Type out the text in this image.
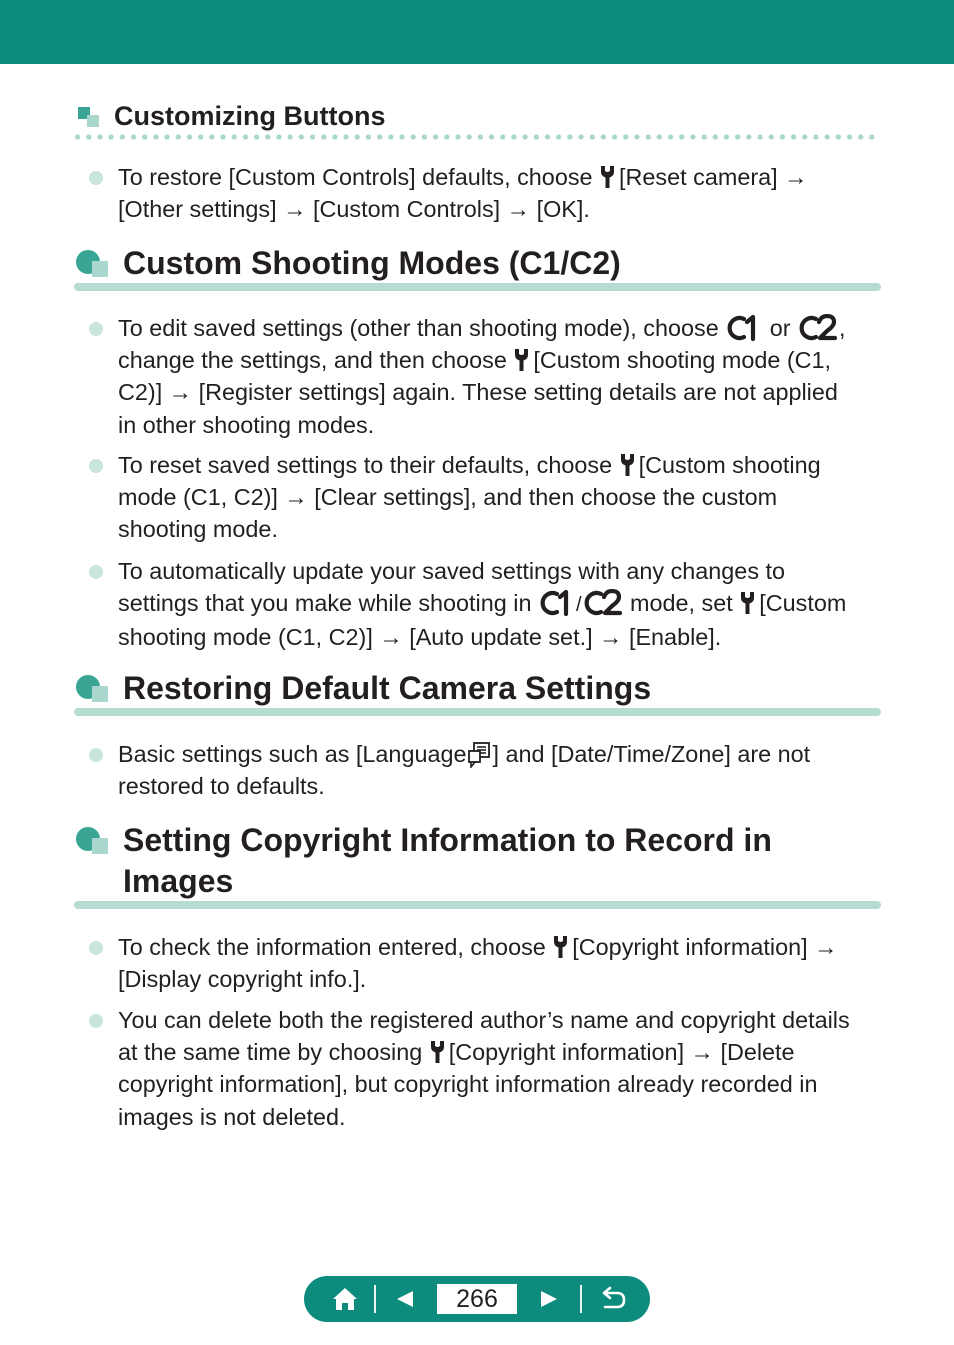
Customizing Buttons
To restore [Custom Controls] defaults, choose [Reset camera] →
[Other settings] → [Custom Controls] → [OK].
Custom Shooting Modes (C1/C2)
To edit saved settings (other than shooting mode), choose or ,
change the settings, and then choose [Custom shooting mode (C1,
C2)] → [Register settings] again. These setting details are not applied
in other shooting modes.
To reset saved settings to their defaults, choose [Custom shooting
mode (C1, C2)] → [Clear settings], and then choose the custom
shooting mode.
To automatically update your saved settings with any changes to
settings that you make while shooting in / mode, set [Custom
shooting mode (C1, C2)] → [Auto update set.] → [Enable].
Restoring Default Camera Settings
Basic settings such as [Language ] and [Date/Time/Zone] are not
restored to defaults.
Setting Copyright Information to Record in
Images
To check the information entered, choose [Copyright information] →
[Display copyright info.].
You can delete both the registered author’s name and copyright details
at the same time by choosing [Copyright information] → [Delete
copyright information], but copyright information already recorded in
images is not deleted.
266
